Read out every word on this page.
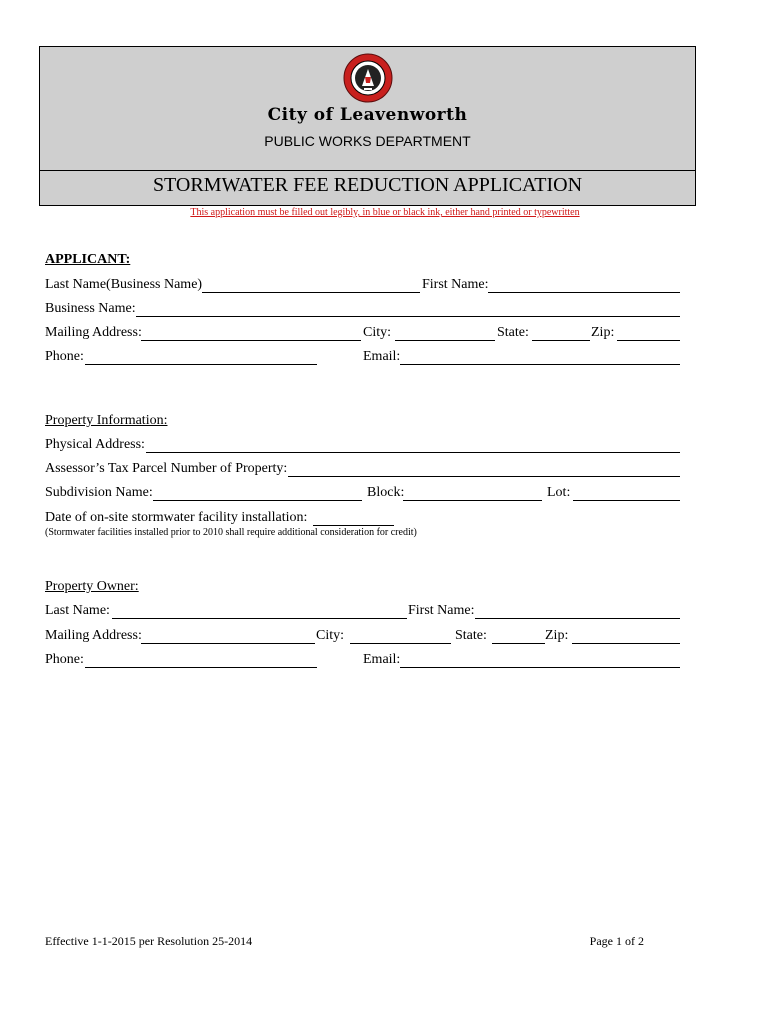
City of Leavenworth
PUBLIC WORKS DEPARTMENT
STORMWATER FEE REDUCTION APPLICATION
This application must be filled out legibly, in blue or black ink, either hand printed or typewritten
APPLICANT:
Last Name(Business Name)	First Name:
Business Name:
Mailing Address:	City:	State:	Zip:
Phone:	Email:
Property Information:
Physical Address:
Assessor’s Tax Parcel Number of Property:
Subdivision Name:	Block:	Lot:
Date of on-site stormwater facility installation:
(Stormwater facilities installed prior to 2010 shall require additional consideration for credit)
Property Owner:
Last Name:	First Name:
Mailing Address:	City:	State:	Zip:
Phone:	Email:
Effective 1-1-2015 per Resolution 25-2014	Page 1 of 2
